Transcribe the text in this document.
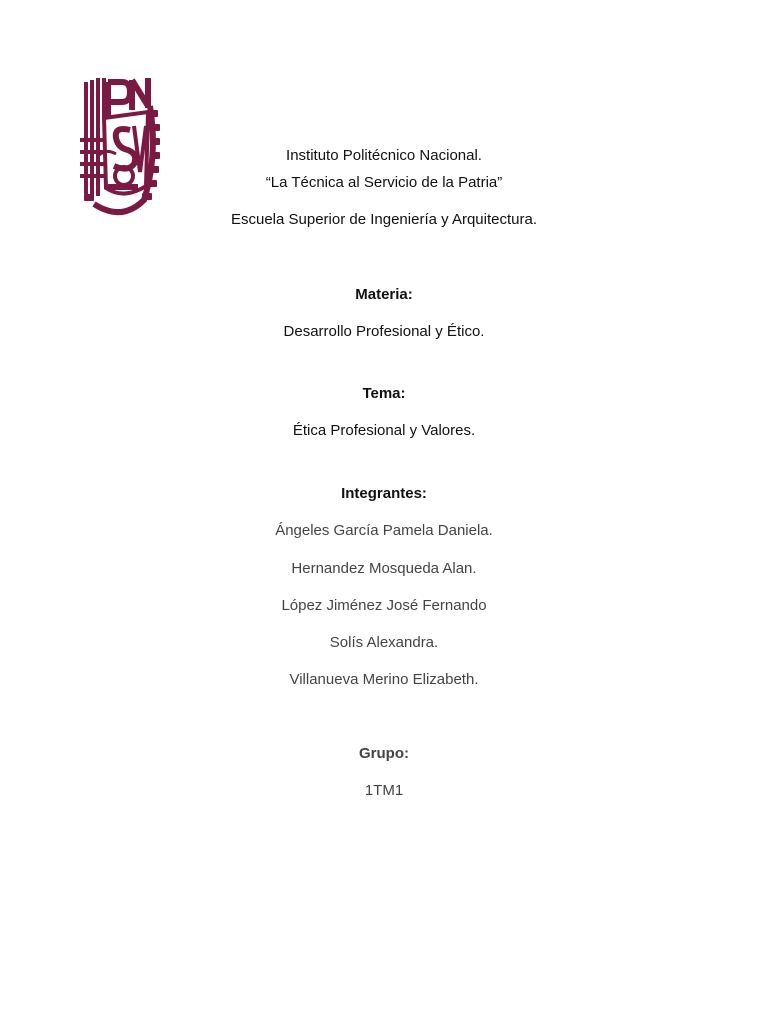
Instituto Politécnico Nacional.
“La Técnica al Servicio de la Patria”
Escuela Superior de Ingeniería y Arquitectura.
Materia:
Desarrollo Profesional y Ético.
Tema:
Ética Profesional y Valores.
Integrantes:
Ángeles García Pamela Daniela.
Hernandez Mosqueda Alan.
López Jiménez José Fernando
Solís Alexandra.
Villanueva Merino Elizabeth.
Grupo:
1TM1
